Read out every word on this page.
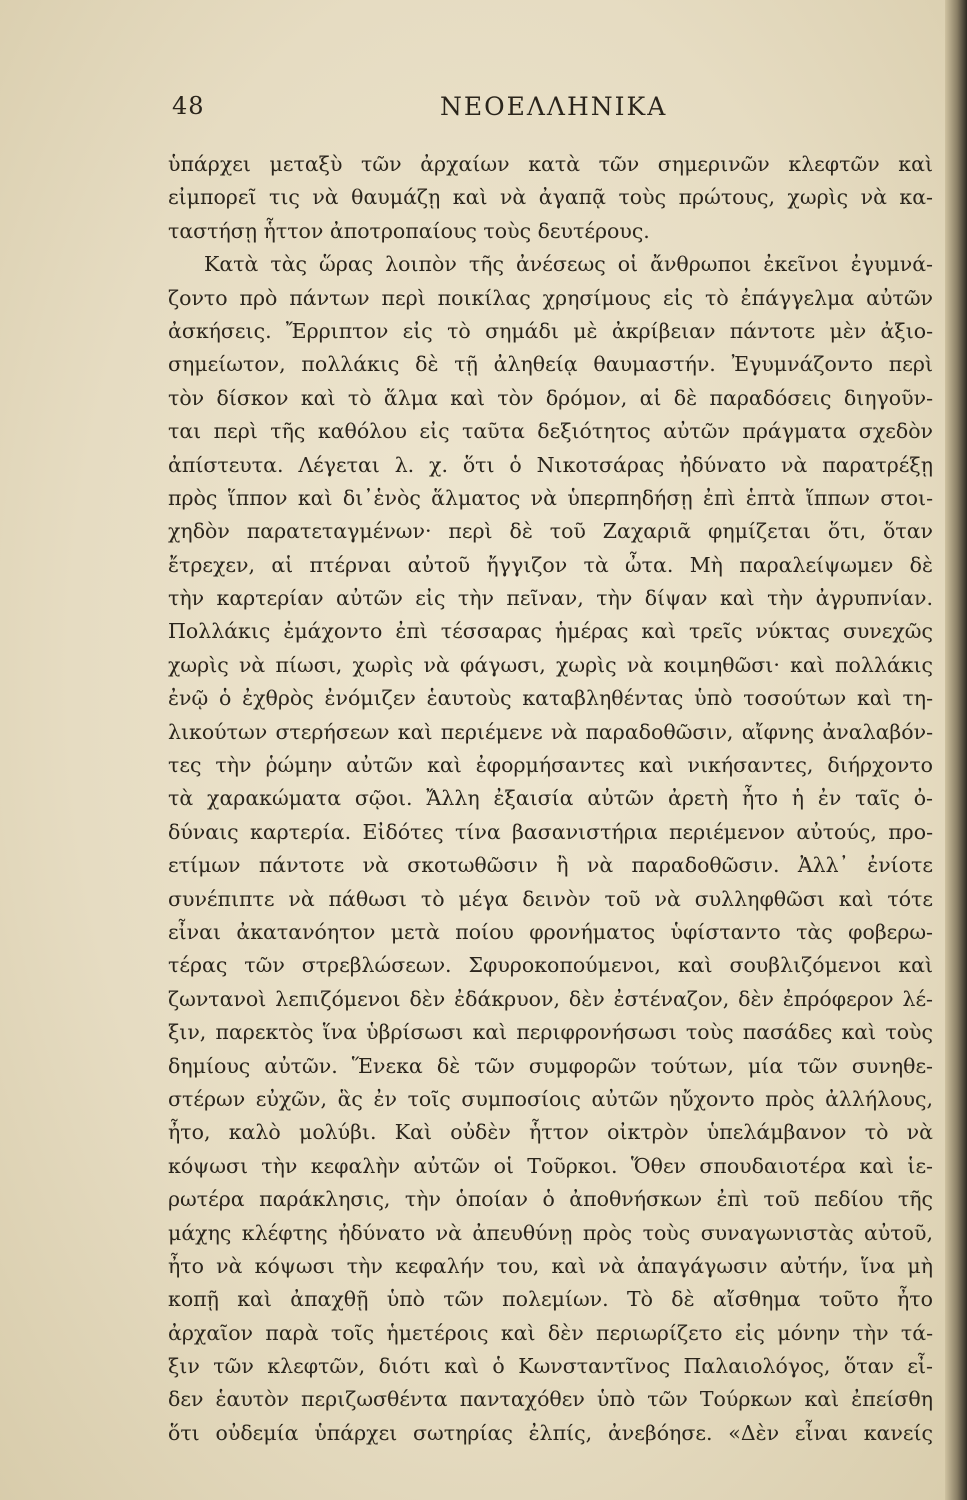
48	ΝΕΟΕΛΛΗΝΙΚΑ
ὑπάρχει μεταξὺ τῶν ἀρχαίων κατὰ τῶν σημερινῶν κλεφτῶν καὶ
εἰμπορεῖ τις νὰ θαυμάζῃ καὶ νὰ ἀγαπᾷ τοὺς πρώτους, χωρὶς νὰ κα-
ταστήσῃ ἧττον ἀποτροπαίους τοὺς δευτέρους.
Κατὰ τὰς ὥρας λοιπὸν τῆς ἀνέσεως οἱ ἄνθρωποι ἐκεῖνοι ἐγυμνά-
ζοντο πρὸ πάντων περὶ ποικίλας χρησίμους εἰς τὸ ἐπάγγελμα αὐτῶν
ἀσκήσεις. Ἔρριπτον εἰς τὸ σημάδι μὲ ἀκρίβειαν πάντοτε μὲν ἀξιο-
σημείωτον, πολλάκις δὲ τῇ ἀληθείᾳ θαυμαστήν. Ἐγυμνάζοντο περὶ
τὸν δίσκον καὶ τὸ ἅλμα καὶ τὸν δρόμον, αἱ δὲ παραδόσεις διηγοῦν-
ται περὶ τῆς καθόλου εἰς ταῦτα δεξιότητος αὐτῶν πράγματα σχεδὸν
ἀπίστευτα. Λέγεται λ. χ. ὅτι ὁ Νικοτσάρας ἠδύνατο νὰ παρατρέξῃ
πρὸς ἵππον καὶ δι᾽ἑνὸς ἅλματος νὰ ὑπερπηδήσῃ ἐπὶ ἑπτὰ ἵππων στοι-
χηδὸν παρατεταγμένων· περὶ δὲ τοῦ Ζαχαριᾶ φημίζεται ὅτι, ὅταν
ἔτρεχεν, αἱ πτέρναι αὐτοῦ ἤγγιζον τὰ ὦτα. Μὴ παραλείψωμεν δὲ
τὴν καρτερίαν αὐτῶν εἰς τὴν πεῖναν, τὴν δίψαν καὶ τὴν ἀγρυπνίαν.
Πολλάκις ἐμάχοντο ἐπὶ τέσσαρας ἡμέρας καὶ τρεῖς νύκτας συνεχῶς
χωρὶς νὰ πίωσι, χωρὶς νὰ φάγωσι, χωρὶς νὰ κοιμηθῶσι· καὶ πολλάκις
ἐνῷ ὁ ἐχθρὸς ἐνόμιζεν ἑαυτοὺς καταβληθέντας ὑπὸ τοσούτων καὶ τη-
λικούτων στερήσεων καὶ περιέμενε νὰ παραδοθῶσιν, αἴφνης ἀναλαβόν-
τες τὴν ῥώμην αὐτῶν καὶ ἐφορμήσαντες καὶ νικήσαντες, διήρχοντο
τὰ χαρακώματα σῷοι. Ἄλλη ἐξαισία αὐτῶν ἀρετὴ ἦτο ἡ ἐν ταῖς ὀ-
δύναις καρτερία. Εἰδότες τίνα βασανιστήρια περιέμενον αὐτούς, προ-
ετίμων πάντοτε νὰ σκοτωθῶσιν ἢ νὰ παραδοθῶσιν. Ἀλλ᾽ ἐνίοτε
συνέπιπτε νὰ πάθωσι τὸ μέγα δεινὸν τοῦ νὰ συλληφθῶσι καὶ τότε
εἶναι ἀκατανόητον μετὰ ποίου φρονήματος ὑφίσταντο τὰς φοβερω-
τέρας τῶν στρεβλώσεων. Σφυροκοπούμενοι, καὶ σουβλιζόμενοι καὶ
ζωντανοὶ λεπιζόμενοι δὲν ἐδάκρυον, δὲν ἐστέναζον, δὲν ἐπρόφερον λέ-
ξιν, παρεκτὸς ἵνα ὑβρίσωσι καὶ περιφρονήσωσι τοὺς πασάδες καὶ τοὺς
δημίους αὐτῶν. Ἕνεκα δὲ τῶν συμφορῶν τούτων, μία τῶν συνηθε-
στέρων εὐχῶν, ἃς ἐν τοῖς συμποσίοις αὐτῶν ηὔχοντο πρὸς ἀλλήλους,
ἦτο, καλὸ μολύβι. Καὶ οὐδὲν ἧττον οἰκτρὸν ὑπελάμβανον τὸ νὰ
κόψωσι τὴν κεφαλὴν αὐτῶν οἱ Τοῦρκοι. Ὅθεν σπουδαιοτέρα καὶ ἱε-
ρωτέρα παράκλησις, τὴν ὁποίαν ὁ ἀποθνήσκων ἐπὶ τοῦ πεδίου τῆς
μάχης κλέφτης ἠδύνατο νὰ ἀπευθύνῃ πρὸς τοὺς συναγωνιστὰς αὐτοῦ,
ἦτο νὰ κόψωσι τὴν κεφαλήν του, καὶ νὰ ἀπαγάγωσιν αὐτήν, ἵνα μὴ
κοπῇ καὶ ἀπαχθῇ ὑπὸ τῶν πολεμίων. Τὸ δὲ αἴσθημα τοῦτο ἦτο
ἀρχαῖον παρὰ τοῖς ἡμετέροις καὶ δὲν περιωρίζετο εἰς μόνην τὴν τά-
ξιν τῶν κλεφτῶν, διότι καὶ ὁ Κωνσταντῖνος Παλαιολόγος, ὅταν εἶ-
δεν ἑαυτὸν περιζωσθέντα πανταχόθεν ὑπὸ τῶν Τούρκων καὶ ἐπείσθη
ὅτι οὐδεμία ὑπάρχει σωτηρίας ἐλπίς, ἀνεβόησε. «Δὲν εἶναι κανείς
